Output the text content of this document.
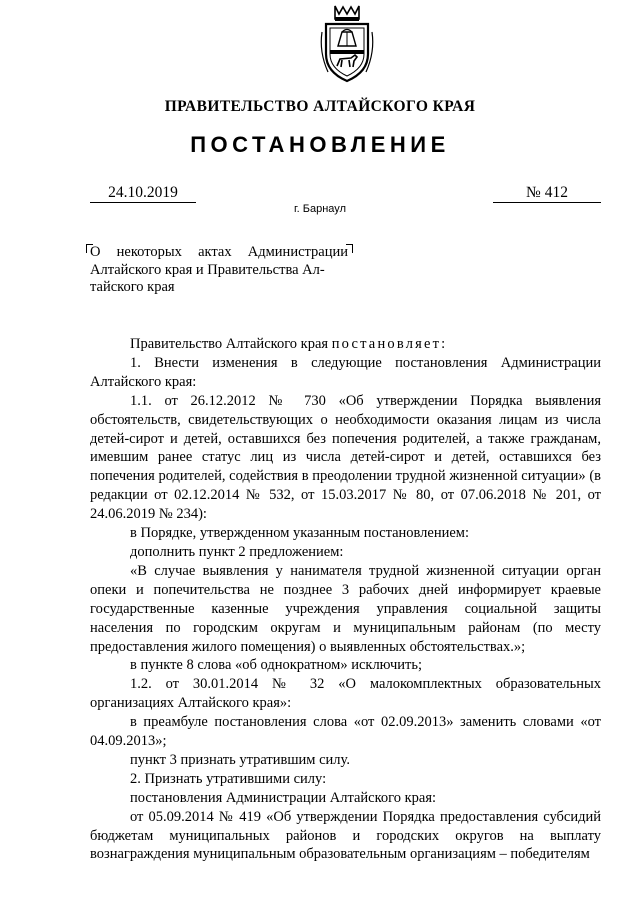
ПРАВИТЕЛЬСТВО АЛТАЙСКОГО КРАЯ
ПОСТАНОВЛЕНИЕ
24.10.2019	№ 412
г. Барнаул
О некоторых актах Администрации
Алтайского края и Правительства Ал-
тайского края

Правительство Алтайского края постановляет:

1. Внести изменения в следующие постановления Администрации Алтайского края:

1.1. от 26.12.2012 № 730 «Об утверждении Порядка выявления обстоятельств, свидетельствующих о необходимости оказания лицам из числа детей-сирот и детей, оставшихся без попечения родителей, а также гражданам, имевшим ранее статус лиц из числа детей-сирот и детей, оставшихся без попечения родителей, содействия в преодолении трудной жизненной ситуации» (в редакции от 02.12.2014 № 532, от 15.03.2017 № 80, от 07.06.2018 № 201, от 24.06.2019 № 234):

в Порядке, утвержденном указанным постановлением:

дополнить пункт 2 предложением:

«В случае выявления у нанимателя трудной жизненной ситуации орган опеки и попечительства не позднее 3 рабочих дней информирует краевые государственные казенные учреждения управления социальной защиты населения по городским округам и муниципальным районам (по месту предоставления жилого помещения) о выявленных обстоятельствах.»;

в пункте 8 слова «об однократном» исключить;

1.2. от 30.01.2014 № 32 «О малокомплектных образовательных организациях Алтайского края»:

в преамбуле постановления слова «от 02.09.2013» заменить словами «от 04.09.2013»;

пункт 3 признать утратившим силу.

2. Признать утратившими силу:

постановления Администрации Алтайского края:

от 05.09.2014 № 419 «Об утверждении Порядка предоставления субсидий бюджетам муниципальных районов и городских округов на выплату вознаграждения муниципальным образовательным организациям – победителям
